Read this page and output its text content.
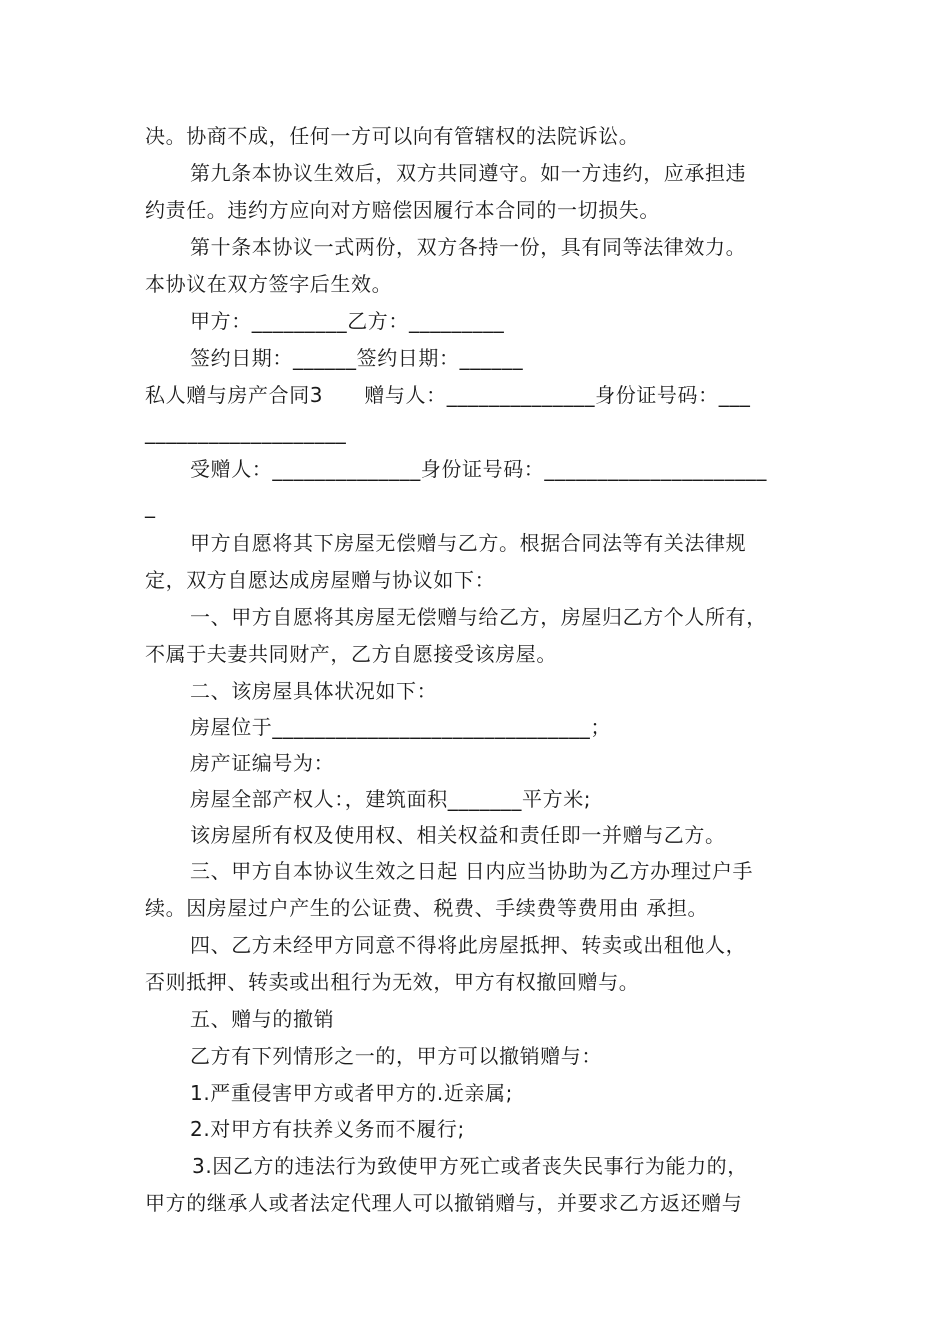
决。协商不成，任何一方可以向有管辖权的法院诉讼。
第九条本协议生效后，双方共同遵守。如一方违约，应承担违
约责任。违约方应向对方赔偿因履行本合同的一切损失。
第十条本协议一式两份，双方各持一份，具有同等法律效力。
本协议在双方签字后生效。
甲方：_________乙方：_________
签约日期：______签约日期：______
私人赠与房产合同3　　赠与人：______________身份证号码：___
___________________
受赠人：______________身份证号码：_____________________
_
甲方自愿将其下房屋无偿赠与乙方。根据合同法等有关法律规
定，双方自愿达成房屋赠与协议如下：
一、甲方自愿将其房屋无偿赠与给乙方，房屋归乙方个人所有，
不属于夫妻共同财产，乙方自愿接受该房屋。
二、该房屋具体状况如下：
房屋位于______________________________；
房产证编号为：
房屋全部产权人：，建筑面积_______平方米;
该房屋所有权及使用权、相关权益和责任即一并赠与乙方。
三、甲方自本协议生效之日起 日内应当协助为乙方办理过户手
续。因房屋过户产生的公证费、税费、手续费等费用由 承担。
四、乙方未经甲方同意不得将此房屋抵押、转卖或出租他人，
否则抵押、转卖或出租行为无效，甲方有权撤回赠与。
五、赠与的撤销
乙方有下列情形之一的，甲方可以撤销赠与：
1.严重侵害甲方或者甲方的.近亲属;
2.对甲方有扶养义务而不履行;
3.因乙方的违法行为致使甲方死亡或者丧失民事行为能力的，
甲方的继承人或者法定代理人可以撤销赠与，并要求乙方返还赠与
